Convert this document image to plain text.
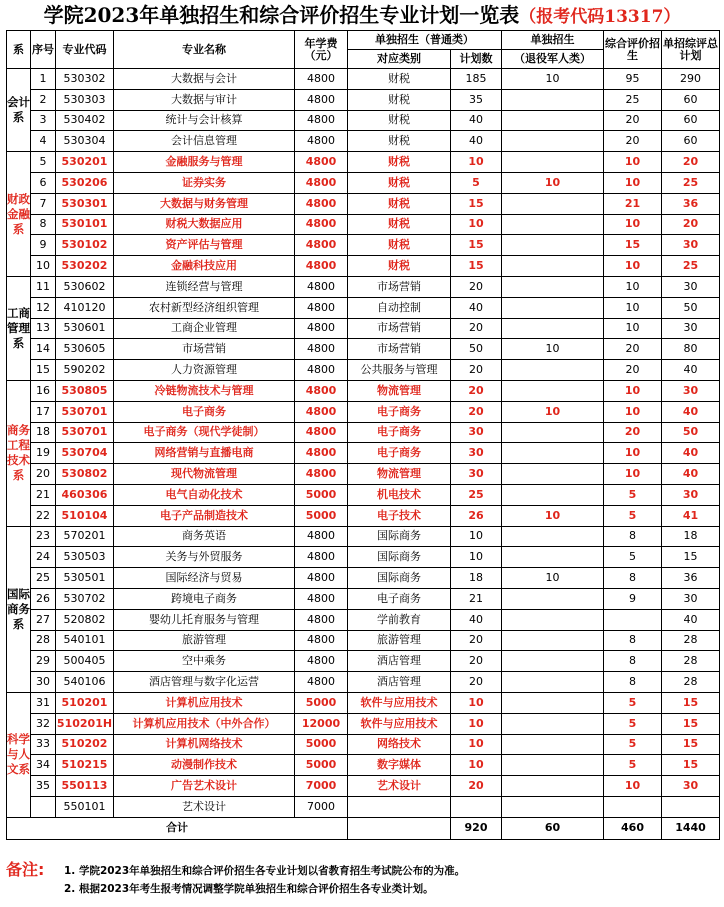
学院2023年单独招生和综合评价招生专业计划一览表（报考代码13317）
系	序号	专业代码	专业名称	年学费（元）	单独招生（普通类）		单独招生	综合评价招生	单招综评总计划
					对应类别	计划数	（退役军人类）		
会计系	1	530302	大数据与会计	4800	财税	185	10	95	290
	2	530303	大数据与审计	4800	财税	35		25	60
	3	530402	统计与会计核算	4800	财税	40		20	60
	4	530304	会计信息管理	4800	财税	40		20	60
财政金融系	5	530201	金融服务与管理	4800	财税	10		10	20
	6	530206	证券实务	4800	财税	5	10	10	25
	7	530301	大数据与财务管理	4800	财税	15		21	36
	8	530101	财税大数据应用	4800	财税	10		10	20
	9	530102	资产评估与管理	4800	财税	15		15	30
	10	530202	金融科技应用	4800	财税	15		10	25
工商管理系	11	530602	连锁经营与管理	4800	市场营销	20		10	30
	12	410120	农村新型经济组织管理	4800	自动控制	40		10	50
	13	530601	工商企业管理	4800	市场营销	20		10	30
	14	530605	市场营销	4800	市场营销	50	10	20	80
	15	590202	人力资源管理	4800	公共服务与管理	20		20	40
商务工程技术系	16	530805	冷链物流技术与管理	4800	物流管理	20		10	30
	17	530701	电子商务	4800	电子商务	20	10	10	40
	18	530701	电子商务（现代学徒制）	4800	电子商务	30		20	50
	19	530704	网络营销与直播电商	4800	电子商务	30		10	40
	20	530802	现代物流管理	4800	物流管理	30		10	40
	21	460306	电气自动化技术	5000	机电技术	25		5	30
	22	510104	电子产品制造技术	5000	电子技术	26	10	5	41
国际商务系	23	570201	商务英语	4800	国际商务	10		8	18
	24	530503	关务与外贸服务	4800	国际商务	10		5	15
	25	530501	国际经济与贸易	4800	国际商务	18	10	8	36
	26	530702	跨境电子商务	4800	电子商务	21		9	30
	27	520802	婴幼儿托育服务与管理	4800	学前教育	40			40
	28	540101	旅游管理	4800	旅游管理	20		8	28
	29	500405	空中乘务	4800	酒店管理	20		8	28
	30	540106	酒店管理与数字化运营	4800	酒店管理	20		8	28
科学与人文系	31	510201	计算机应用技术	5000	软件与应用技术	10		5	15
	32	510201H	计算机应用技术（中外合作）	12000	软件与应用技术	10		5	15
	33	510202	计算机网络技术	5000	网络技术	10		5	15
	34	510215	动漫制作技术	5000	数字媒体	10		5	15
	35	550113	广告艺术设计	7000	艺术设计	20		10	30
		550101	艺术设计	7000					
合计						920	60	460	1440
备注: 1. 学院2023年单独招生和综合评价招生各专业计划以省教育招生考试院公布的为准。
2. 根据2023年考生报考情况调整学院单独招生和综合评价招生各专业类计划。
